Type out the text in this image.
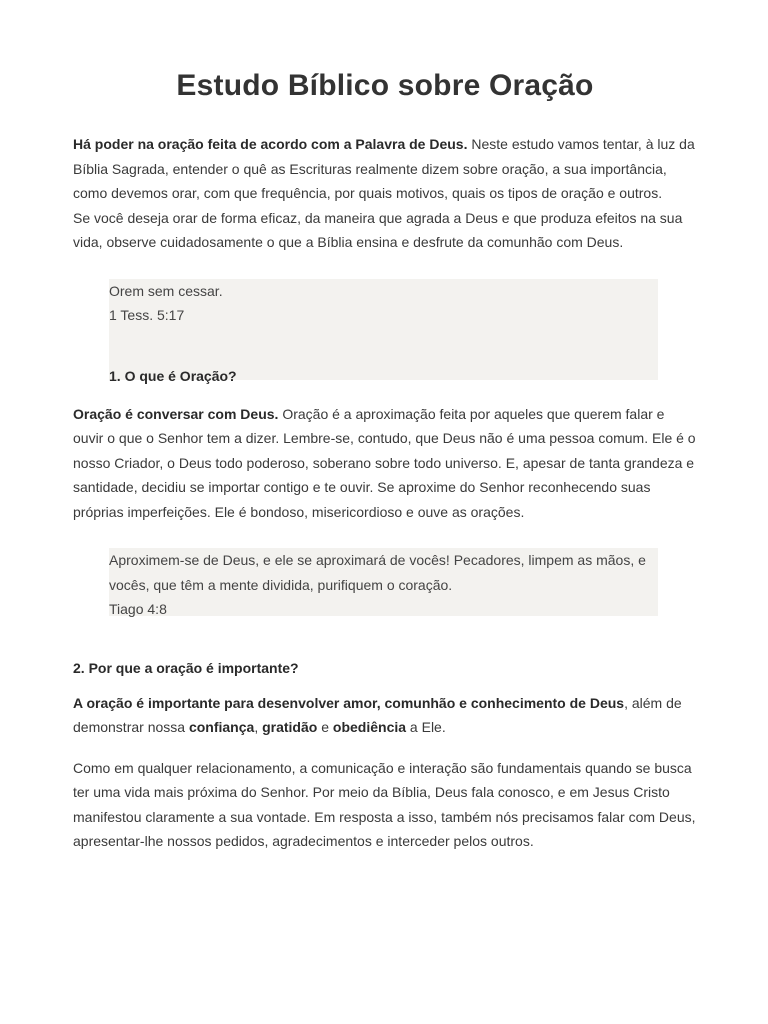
Estudo Bíblico sobre Oração

Há poder na oração feita de acordo com a Palavra de Deus. Neste estudo vamos tentar, à luz da Bíblia Sagrada, entender o quê as Escrituras realmente dizem sobre oração, a sua importância, como devemos orar, com que frequência, por quais motivos, quais os tipos de oração e outros.

Se você deseja orar de forma eficaz, da maneira que agrada a Deus e que produza efeitos na sua vida, observe cuidadosamente o que a Bíblia ensina e desfrute da comunhão com Deus.

Orem sem cessar.
1 Tess. 5:17
1. O que é Oração?

Oração é conversar com Deus. Oração é a aproximação feita por aqueles que querem falar e ouvir o que o Senhor tem a dizer. Lembre-se, contudo, que Deus não é uma pessoa comum. Ele é o nosso Criador, o Deus todo poderoso, soberano sobre todo universo. E, apesar de tanta grandeza e santidade, decidiu se importar contigo e te ouvir. Se aproxime do Senhor reconhecendo suas próprias imperfeições. Ele é bondoso, misericordioso e ouve as orações.

Aproximem-se de Deus, e ele se aproximará de vocês! Pecadores, limpem as mãos, e vocês, que têm a mente dividida, purifiquem o coração.
Tiago 4:8
2. Por que a oração é importante?

A oração é importante para desenvolver amor, comunhão e conhecimento de Deus, além de demonstrar nossa confiança, gratidão e obediência a Ele.

Como em qualquer relacionamento, a comunicação e interação são fundamentais quando se busca ter uma vida mais próxima do Senhor. Por meio da Bíblia, Deus fala conosco, e em Jesus Cristo manifestou claramente a sua vontade. Em resposta a isso, também nós precisamos falar com Deus, apresentar-lhe nossos pedidos, agradecimentos e interceder pelos outros.
